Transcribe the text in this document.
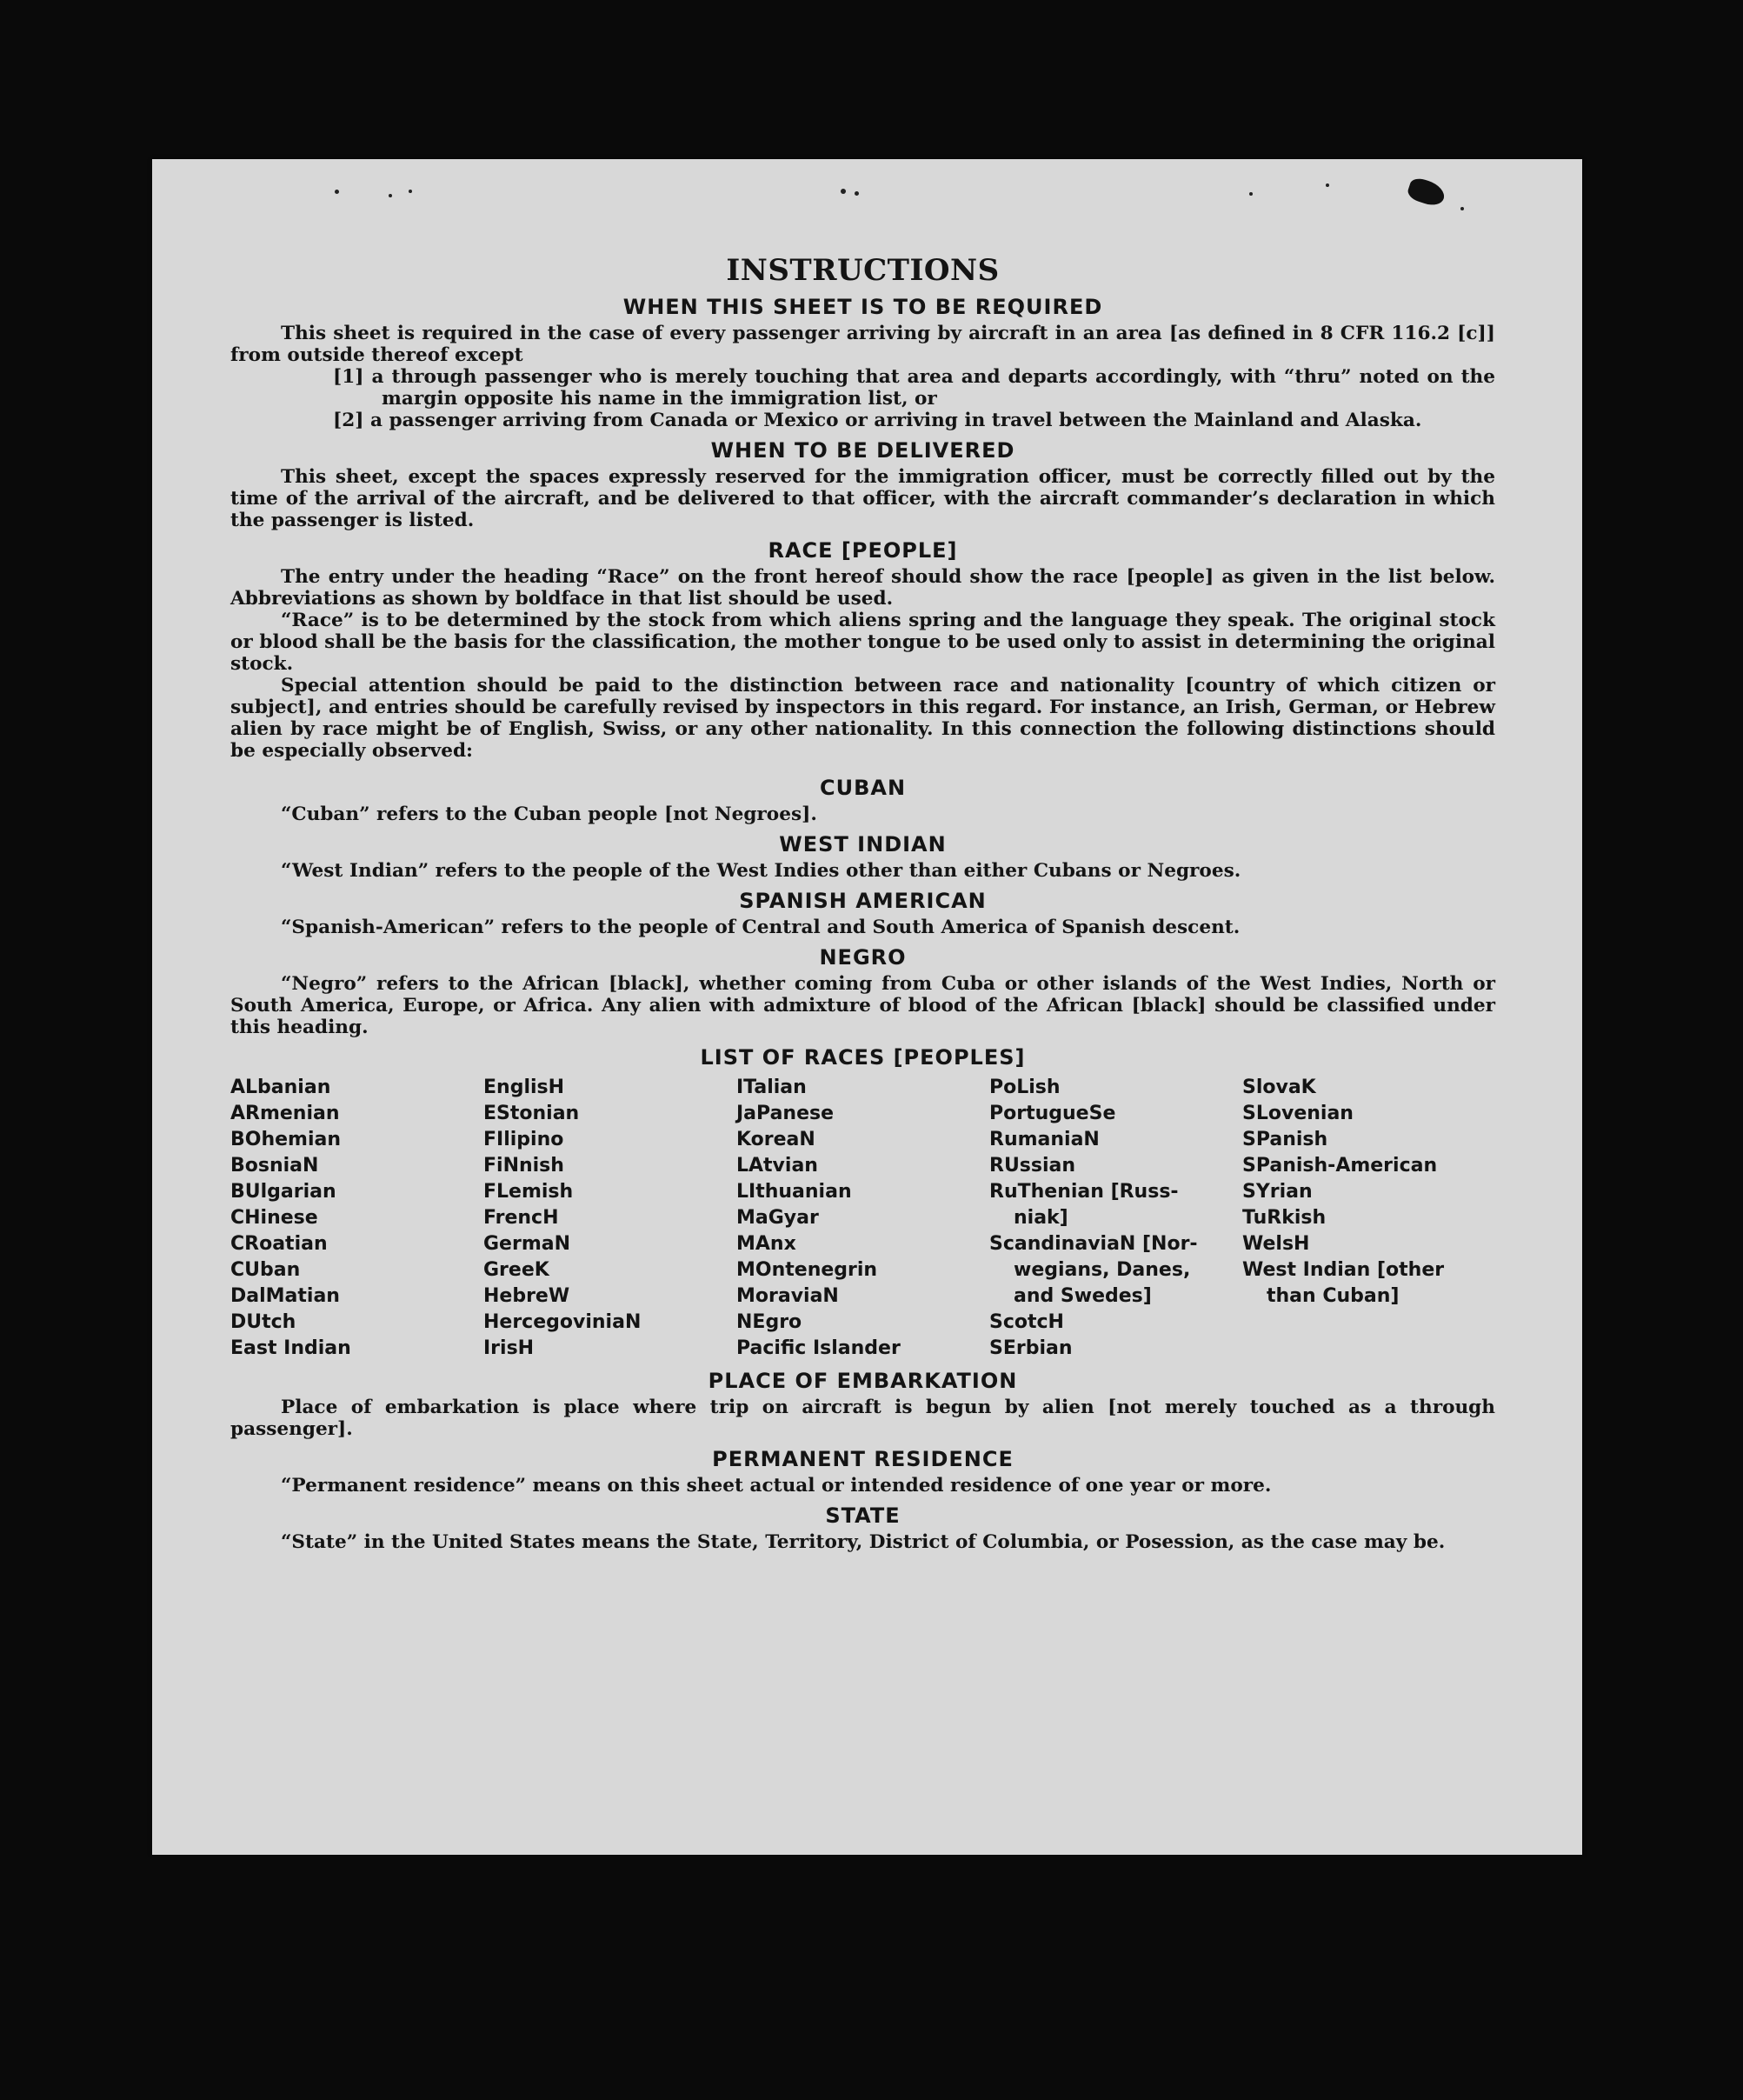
INSTRUCTIONS
WHEN THIS SHEET IS TO BE REQUIRED

This sheet is required in the case of every passenger arriving by aircraft in an area [as defined in 8 CFR 116.2 [c]] from outside thereof except

[1] a through passenger who is merely touching that area and departs accordingly, with “thru” noted on the margin opposite his name in the immigration list, or

[2] a passenger arriving from Canada or Mexico or arriving in travel between the Mainland and Alaska.

WHEN TO BE DELIVERED

This sheet, except the spaces expressly reserved for the immigration officer, must be correctly filled out by the time of the arrival of the aircraft, and be delivered to that officer, with the aircraft commander’s declaration in which the passenger is listed.

RACE [PEOPLE]

The entry under the heading “Race” on the front hereof should show the race [people] as given in the list below. Abbreviations as shown by boldface in that list should be used.

“Race” is to be determined by the stock from which aliens spring and the language they speak. The original stock or blood shall be the basis for the classification, the mother tongue to be used only to assist in determining the original stock.

Special attention should be paid to the distinction between race and nationality [country of which citizen or subject], and entries should be carefully revised by inspectors in this regard. For instance, an Irish, German, or Hebrew alien by race might be of English, Swiss, or any other nationality. In this connection the following distinctions should be especially observed:

CUBAN

“Cuban” refers to the Cuban people [not Negroes].

WEST INDIAN

“West Indian” refers to the people of the West Indies other than either Cubans or Negroes.

SPANISH AMERICAN

“Spanish-American” refers to the people of Central and South America of Spanish descent.

NEGRO

“Negro” refers to the African [black], whether coming from Cuba or other islands of the West Indies, North or South America, Europe, or Africa. Any alien with admixture of blood of the African [black] should be classified under this heading.

LIST OF RACES [PEOPLES]
ALbanian
ARmenian
BOhemian
BosniaN
BUlgarian
CHinese
CRoatian
CUban
DalMatian
DUtch
East Indian
EnglisH
EStonian
FIlipino
FiNnish
FLemish
FrencH
GermaN
GreeK
HebreW
HercegoviniaN
IrisH
ITalian
JaPanese
KoreaN
LAtvian
LIthuanian
MaGyar
MAnx
MOntenegrin
MoraviaN
NEgro
Pacific Islander
PoLish
PortugueSe
RumaniaN
RUssian
RuThenian [Russ-
niak]
ScandinaviaN [Nor-
wegians, Danes,
and Swedes]
ScotcH
SErbian
SlovaK
SLovenian
SPanish
SPanish-American
SYrian
TuRkish
WelsH
West Indian [other
than Cuban]
PLACE OF EMBARKATION

Place of embarkation is place where trip on aircraft is begun by alien [not merely touched as a through passenger].

PERMANENT RESIDENCE

“Permanent residence” means on this sheet actual or intended residence of one year or more.

STATE

“State” in the United States means the State, Territory, District of Columbia, or Posession, as the case may be.
